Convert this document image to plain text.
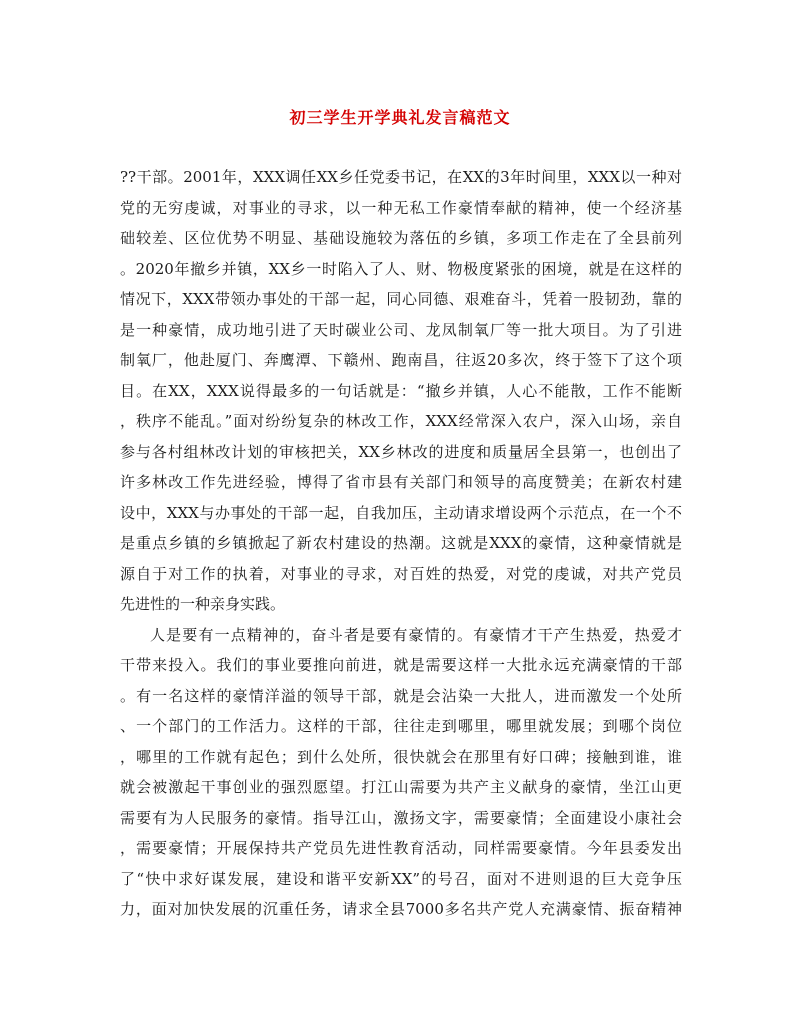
初三学生开学典礼发言稿范文
??干部。2001年，XXX调任XX乡任党委书记，在XX的3年时间里，XXX以一种对
党的无穷虔诚，对事业的寻求，以一种无私工作豪情奉献的精神，使一个经济基
础较差、区位优势不明显、基础设施较为落伍的乡镇，多项工作走在了全县前列
。2020年撤乡并镇，XX乡一时陷入了人、财、物极度紧张的困境，就是在这样的
情况下，XXX带领办事处的干部一起，同心同德、艰难奋斗，凭着一股韧劲，靠的
是一种豪情，成功地引进了天时碳业公司、龙凤制氧厂等一批大项目。为了引进
制氧厂，他赴厦门、奔鹰潭、下赣州、跑南昌，往返20多次，终于签下了这个项
目。在XX，XXX说得最多的一句话就是：“撤乡并镇，人心不能散，工作不能断
，秩序不能乱。”面对纷纷复杂的林改工作，XXX经常深入农户，深入山场，亲自
参与各村组林改计划的审核把关，XX乡林改的进度和质量居全县第一，也创出了
许多林改工作先进经验，博得了省市县有关部门和领导的高度赞美；在新农村建
设中，XXX与办事处的干部一起，自我加压，主动请求增设两个示范点，在一个不
是重点乡镇的乡镇掀起了新农村建设的热潮。这就是XXX的豪情，这种豪情就是
源自于对工作的执着，对事业的寻求，对百姓的热爱，对党的虔诚，对共产党员
先进性的一种亲身实践。
人是要有一点精神的，奋斗者是要有豪情的。有豪情才干产生热爱，热爱才
干带来投入。我们的事业要推向前进，就是需要这样一大批永远充满豪情的干部
。有一名这样的豪情洋溢的领导干部，就是会沾染一大批人，进而激发一个处所
、一个部门的工作活力。这样的干部，往往走到哪里，哪里就发展；到哪个岗位
，哪里的工作就有起色；到什么处所，很快就会在那里有好口碑；接触到谁，谁
就会被激起干事创业的强烈愿望。打江山需要为共产主义献身的豪情，坐江山更
需要有为人民服务的豪情。指导江山，激扬文字，需要豪情；全面建设小康社会
，需要豪情；开展保持共产党员先进性教育活动，同样需要豪情。今年县委发出
了“快中求好谋发展，建设和谐平安新XX”的号召，面对不进则退的巨大竞争压
力，面对加快发展的沉重任务，请求全县7000多名共产党人充满豪情、振奋精神
